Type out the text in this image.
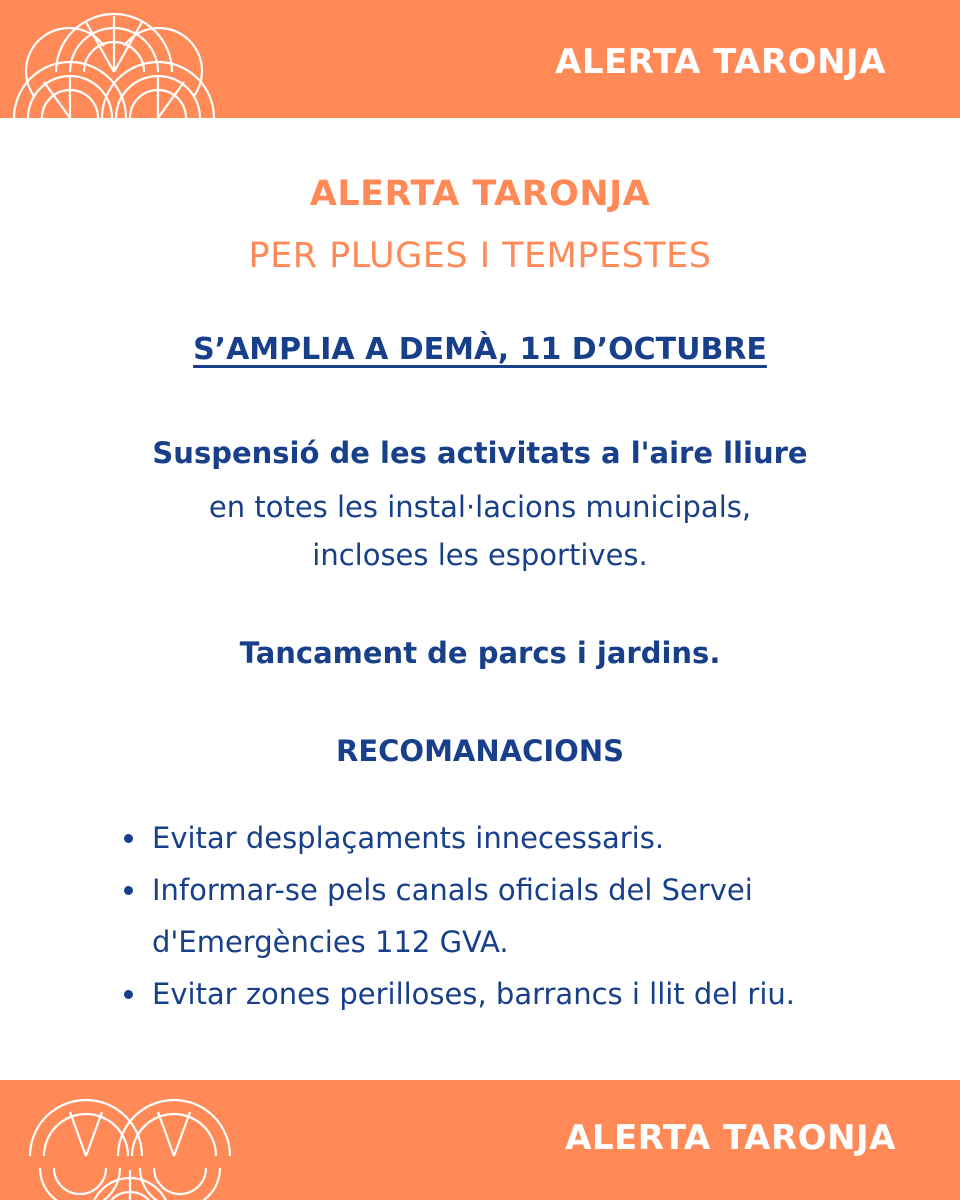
ALERTA TARONJA
ALERTA TARONJA
PER PLUGES I TEMPESTES
S’AMPLIA A DEMÀ, 11 D’OCTUBRE
Suspensió de les activitats a l'aire lliure
en totes les instal·lacions municipals,
incloses les esportives.
Tancament de parcs i jardins.
RECOMANACIONS
Evitar desplaçaments innecessaris.
Informar-se pels canals oficials del Servei d'Emergències 112 GVA.
Evitar zones perilloses, barrancs i llit del riu.
ALERTA TARONJA
